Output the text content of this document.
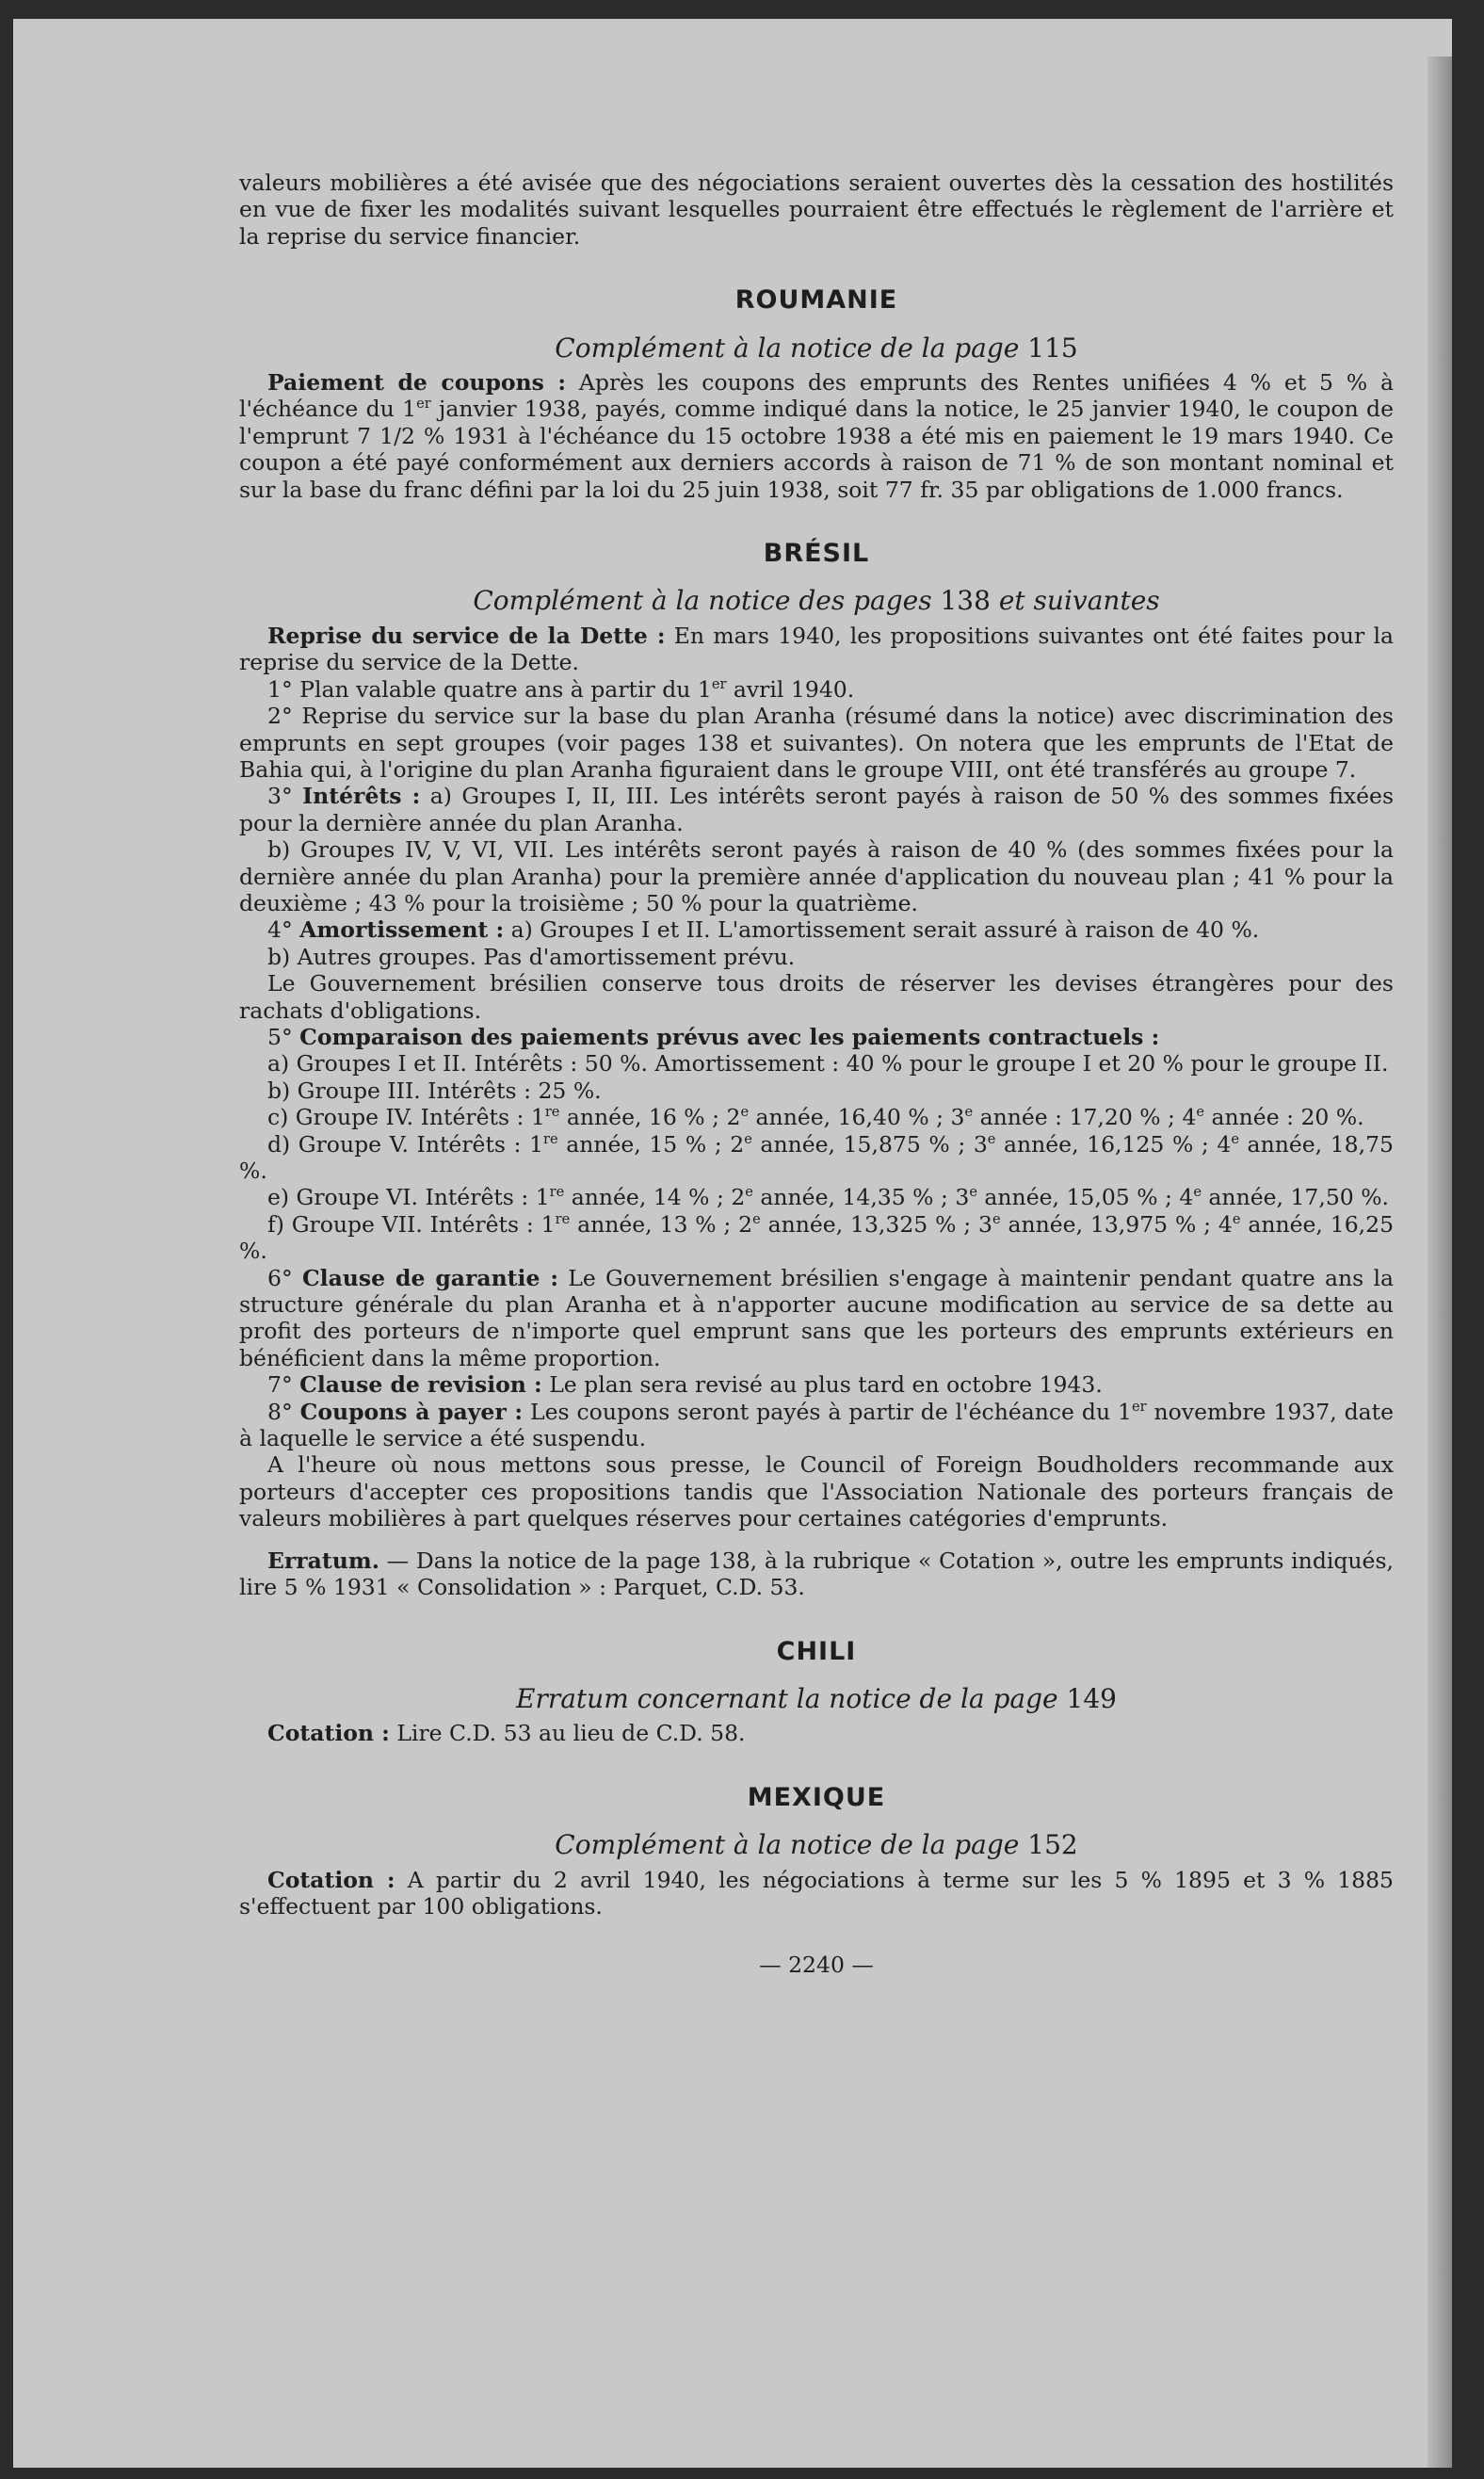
valeurs mobilières a été avisée que des négociations seraient ouvertes dès la cessation des hostilités en vue de fixer les modalités suivant lesquelles pourraient être effectués le règlement de l'arrière et la reprise du service financier.

ROUMANIE
Complément à la notice de la page 115

Paiement de coupons : Après les coupons des emprunts des Rentes unifiées 4 % et 5 % à l'échéance du 1er janvier 1938, payés, comme indiqué dans la notice, le 25 janvier 1940, le coupon de l'emprunt 7 1/2 % 1931 à l'échéance du 15 octobre 1938 a été mis en paiement le 19 mars 1940. Ce coupon a été payé conformément aux derniers accords à raison de 71 % de son montant nominal et sur la base du franc défini par la loi du 25 juin 1938, soit 77 fr. 35 par obligations de 1.000 francs.

BRÉSIL
Complément à la notice des pages 138 et suivantes

Reprise du service de la Dette : En mars 1940, les propositions suivantes ont été faites pour la reprise du service de la Dette.

1° Plan valable quatre ans à partir du 1er avril 1940.

2° Reprise du service sur la base du plan Aranha (résumé dans la notice) avec discrimination des emprunts en sept groupes (voir pages 138 et suivantes). On notera que les emprunts de l'Etat de Bahia qui, à l'origine du plan Aranha figuraient dans le groupe VIII, ont été transférés au groupe 7.

3° Intérêts : a) Groupes I, II, III. Les intérêts seront payés à raison de 50 % des sommes fixées pour la dernière année du plan Aranha.

b) Groupes IV, V, VI, VII. Les intérêts seront payés à raison de 40 % (des sommes fixées pour la dernière année du plan Aranha) pour la première année d'application du nouveau plan ; 41 % pour la deuxième ; 43 % pour la troisième ; 50 % pour la quatrième.

4° Amortissement : a) Groupes I et II. L'amortissement serait assuré à raison de 40 %.

b) Autres groupes. Pas d'amortissement prévu.

Le Gouvernement brésilien conserve tous droits de réserver les devises étrangères pour des rachats d'obligations.

5° Comparaison des paiements prévus avec les paiements contractuels :

a) Groupes I et II. Intérêts : 50 %. Amortissement : 40 % pour le groupe I et 20 % pour le groupe II.

b) Groupe III. Intérêts : 25 %.

c) Groupe IV. Intérêts : 1re année, 16 % ; 2e année, 16,40 % ; 3e année : 17,20 % ; 4e année : 20 %.

d) Groupe V. Intérêts : 1re année, 15 % ; 2e année, 15,875 % ; 3e année, 16,125 % ; 4e année, 18,75 %.

e) Groupe VI. Intérêts : 1re année, 14 % ; 2e année, 14,35 % ; 3e année, 15,05 % ; 4e année, 17,50 %.

f) Groupe VII. Intérêts : 1re année, 13 % ; 2e année, 13,325 % ; 3e année, 13,975 % ; 4e année, 16,25 %.

6° Clause de garantie : Le Gouvernement brésilien s'engage à maintenir pendant quatre ans la structure générale du plan Aranha et à n'apporter aucune modification au service de sa dette au profit des porteurs de n'importe quel emprunt sans que les porteurs des emprunts extérieurs en bénéficient dans la même proportion.

7° Clause de revision : Le plan sera revisé au plus tard en octobre 1943.

8° Coupons à payer : Les coupons seront payés à partir de l'échéance du 1er novembre 1937, date à laquelle le service a été suspendu.

A l'heure où nous mettons sous presse, le Council of Foreign Boudholders recommande aux porteurs d'accepter ces propositions tandis que l'Association Nationale des porteurs français de valeurs mobilières à part quelques réserves pour certaines catégories d'emprunts.

Erratum. — Dans la notice de la page 138, à la rubrique « Cotation », outre les emprunts indiqués, lire 5 % 1931 « Consolidation » : Parquet, C.D. 53.

CHILI
Erratum concernant la notice de la page 149

Cotation : Lire C.D. 53 au lieu de C.D. 58.

MEXIQUE
Complément à la notice de la page 152

Cotation : A partir du 2 avril 1940, les négociations à terme sur les 5 % 1895 et 3 % 1885 s'effectuent par 100 obligations.

— 2240 —
